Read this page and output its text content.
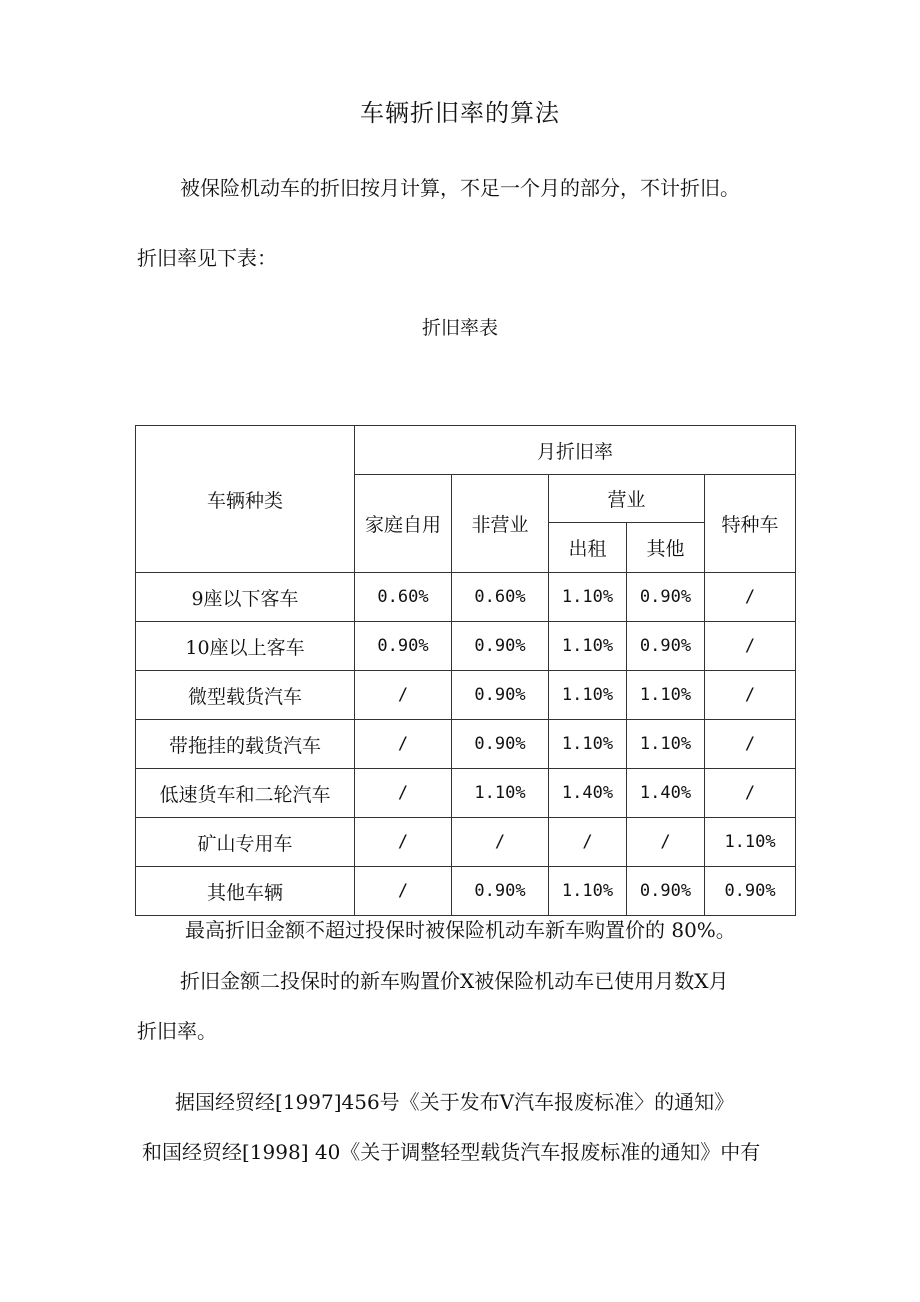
车辆折旧率的算法
被保险机动车的折旧按月计算，不足一个月的部分，不计折旧。
折旧率见下表：
折旧率表
车辆种类	月折旧率				
	家庭自用	非营业	营业		特种车
			出租	其他	
9座以下客车	0.60%	0.60%	1.10%	0.90%	/
10座以上客车	0.90%	0.90%	1.10%	0.90%	/
微型载货汽车	/	0.90%	1.10%	1.10%	/
带拖挂的载货汽车	/	0.90%	1.10%	1.10%	/
低速货车和二轮汽车	/	1.10%	1.40%	1.40%	/
矿山专用车	/	/	/	/	1.10%
其他车辆	/	0.90%	1.10%	0.90%	0.90%
最高折旧金额不超过投保时被保险机动车新车购置价的 80%。
折旧金额二投保时的新车购置价X被保险机动车已使用月数X月
折旧率。
据国经贸经[1997]456号《关于发布V汽车报废标准〉的通知》
和国经贸经[1998] 40《关于调整轻型载货汽车报废标准的通知》中有
